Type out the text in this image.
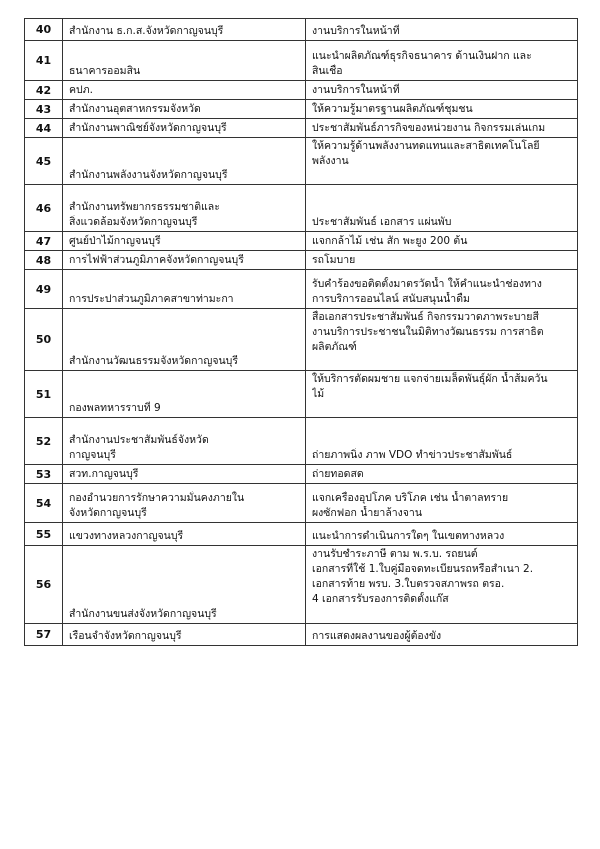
40	สำนักงาน ธ.ก.ส.จังหวัดกาญจนบุรี	งานบริการในหน้าที่

41	ธนาคารออมสิน	แนะนำผลิตภัณฑ์ธุรกิจธนาคาร ด้านเงินฝาก และ
สินเชื่อ

42	คปภ.	งานบริการในหน้าที่

43	สำนักงานอุตสาหกรรมจังหวัด	ให้ความรู้มาตรฐานผลิตภัณฑ์ชุมชน

44	สำนักงานพาณิชย์จังหวัดกาญจนบุรี	ประชาสัมพันธ์ภารกิจของหน่วยงาน กิจกรรมเล่นเกม

45	สำนักงานพลังงานจังหวัดกาญจนบุรี	ให้ความรู้ด้านพลังงานทดแทนและสาธิตเทคโนโลยี
พลังงาน

46	สำนักงานทรัพยากรธรรมชาติและ
สิ่งแวดล้อมจังหวัดกาญจนบุรี	ประชาสัมพันธ์ เอกสาร แผ่นพับ

47	ศูนย์ป่าไม้กาญจนบุรี	แจกกล้าไม้ เช่น สัก พะยูง 200 ต้น

48	การไฟฟ้าส่วนภูมิภาคจังหวัดกาญจนบุรี	รถโมบาย

49	การประปาส่วนภูมิภาคสาขาท่ามะกา	รับคำร้องขอติดตั้งมาตรวัดน้ำ ให้คำแนะนำช่องทาง
การบริการออนไลน์ สนับสนุนน้ำดื่ม

50	สำนักงานวัฒนธรรมจังหวัดกาญจนบุรี	สื่อเอกสารประชาสัมพันธ์ กิจกรรมวาดภาพระบายสี
งานบริการประชาชนในมิติทางวัฒนธรรม การสาธิต
ผลิตภัณฑ์

51	กองพลทหารราบที่ 9	ให้บริการตัดผมชาย แจกจ่ายเมล็ดพันธุ์ผัก น้ำส้มควัน
ไม้

52	สำนักงานประชาสัมพันธ์จังหวัด
กาญจนบุรี	ถ่ายภาพนิ่ง ภาพ VDO ทำข่าวประชาสัมพันธ์

53	สวท.กาญจนบุรี	ถ่ายทอดสด

54	กองอำนวยการรักษาความมั่นคงภายใน
จังหวัดกาญจนบุรี	แจกเครื่องอุปโภค บริโภค เช่น น้ำตาลทราย
ผงซักฟอก น้ำยาล้างจาน

55	แขวงทางหลวงกาญจนบุรี	แนะนำการดำเนินการใดๆ ในเขตทางหลวง

56	สำนักงานขนส่งจังหวัดกาญจนบุรี	งานรับชำระภาษี ตาม พ.ร.บ. รถยนต์
เอกสารที่ใช้ 1.ใบคู่มือจดทะเบียนรถหรือสำเนา 2.
เอกสารท้าย พรบ. 3.ใบตรวจสภาพรถ ตรอ.
4 เอกสารรับรองการติดตั้งแก๊ส

57	เรือนจำจังหวัดกาญจนบุรี	การแสดงผลงานของผู้ต้องขัง
